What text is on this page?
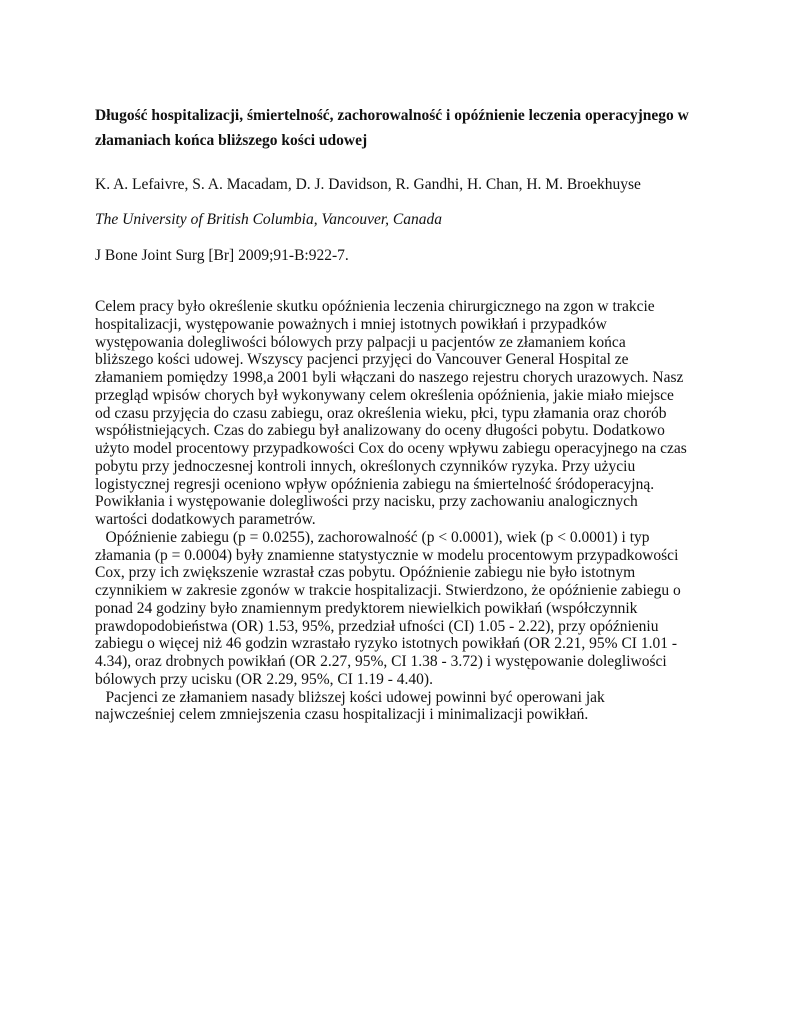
Długość hospitalizacji, śmiertelność, zachorowalność i opóźnienie leczenia operacyjnego w
złamaniach końca bliższego kości udowej
K. A. Lefaivre, S. A. Macadam, D. J. Davidson, R. Gandhi, H. Chan, H. M. Broekhuyse
The University of British Columbia, Vancouver, Canada
J Bone Joint Surg [Br] 2009;91-B:922-7.
Celem pracy było określenie skutku opóźnienia leczenia chirurgicznego na zgon w trakcie
hospitalizacji, występowanie poważnych i mniej istotnych powikłań i przypadków
występowania dolegliwości bólowych przy palpacji u pacjentów ze złamaniem końca
bliższego kości udowej. Wszyscy pacjenci przyjęci do Vancouver General Hospital ze
złamaniem pomiędzy 1998,a 2001 byli włączani do naszego rejestru chorych urazowych. Nasz
przegląd wpisów chorych był wykonywany celem określenia opóźnienia, jakie miało miejsce
od czasu przyjęcia do czasu zabiegu, oraz określenia wieku, płci, typu złamania oraz chorób
współistniejących. Czas do zabiegu był analizowany do oceny długości pobytu. Dodatkowo
użyto model procentowy przypadkowości Cox do oceny wpływu zabiegu operacyjnego na czas
pobytu przy jednoczesnej kontroli innych, określonych czynników ryzyka. Przy użyciu
logistycznej regresji oceniono wpływ opóźnienia zabiegu na śmiertelność śródoperacyjną.
Powikłania i występowanie dolegliwości przy nacisku, przy zachowaniu analogicznych
wartości dodatkowych parametrów.
Opóźnienie zabiegu (p = 0.0255), zachorowalność (p < 0.0001), wiek (p < 0.0001) i typ
złamania (p = 0.0004) były znamienne statystycznie w modelu procentowym przypadkowości
Cox, przy ich zwiększenie wzrastał czas pobytu. Opóźnienie zabiegu nie było istotnym
czynnikiem w zakresie zgonów w trakcie hospitalizacji. Stwierdzono, że opóźnienie zabiegu o
ponad 24 godziny było znamiennym predyktorem niewielkich powikłań (współczynnik
prawdopodobieństwa (OR) 1.53, 95%, przedział ufności (CI) 1.05 - 2.22), przy opóźnieniu
zabiegu o więcej niż 46 godzin wzrastało ryzyko istotnych powikłań (OR 2.21, 95% CI 1.01 -
4.34), oraz drobnych powikłań (OR 2.27, 95%, CI 1.38 - 3.72) i występowanie dolegliwości
bólowych przy ucisku (OR 2.29, 95%, CI 1.19 - 4.40).
Pacjenci ze złamaniem nasady bliższej kości udowej powinni być operowani jak
najwcześniej celem zmniejszenia czasu hospitalizacji i minimalizacji powikłań.
